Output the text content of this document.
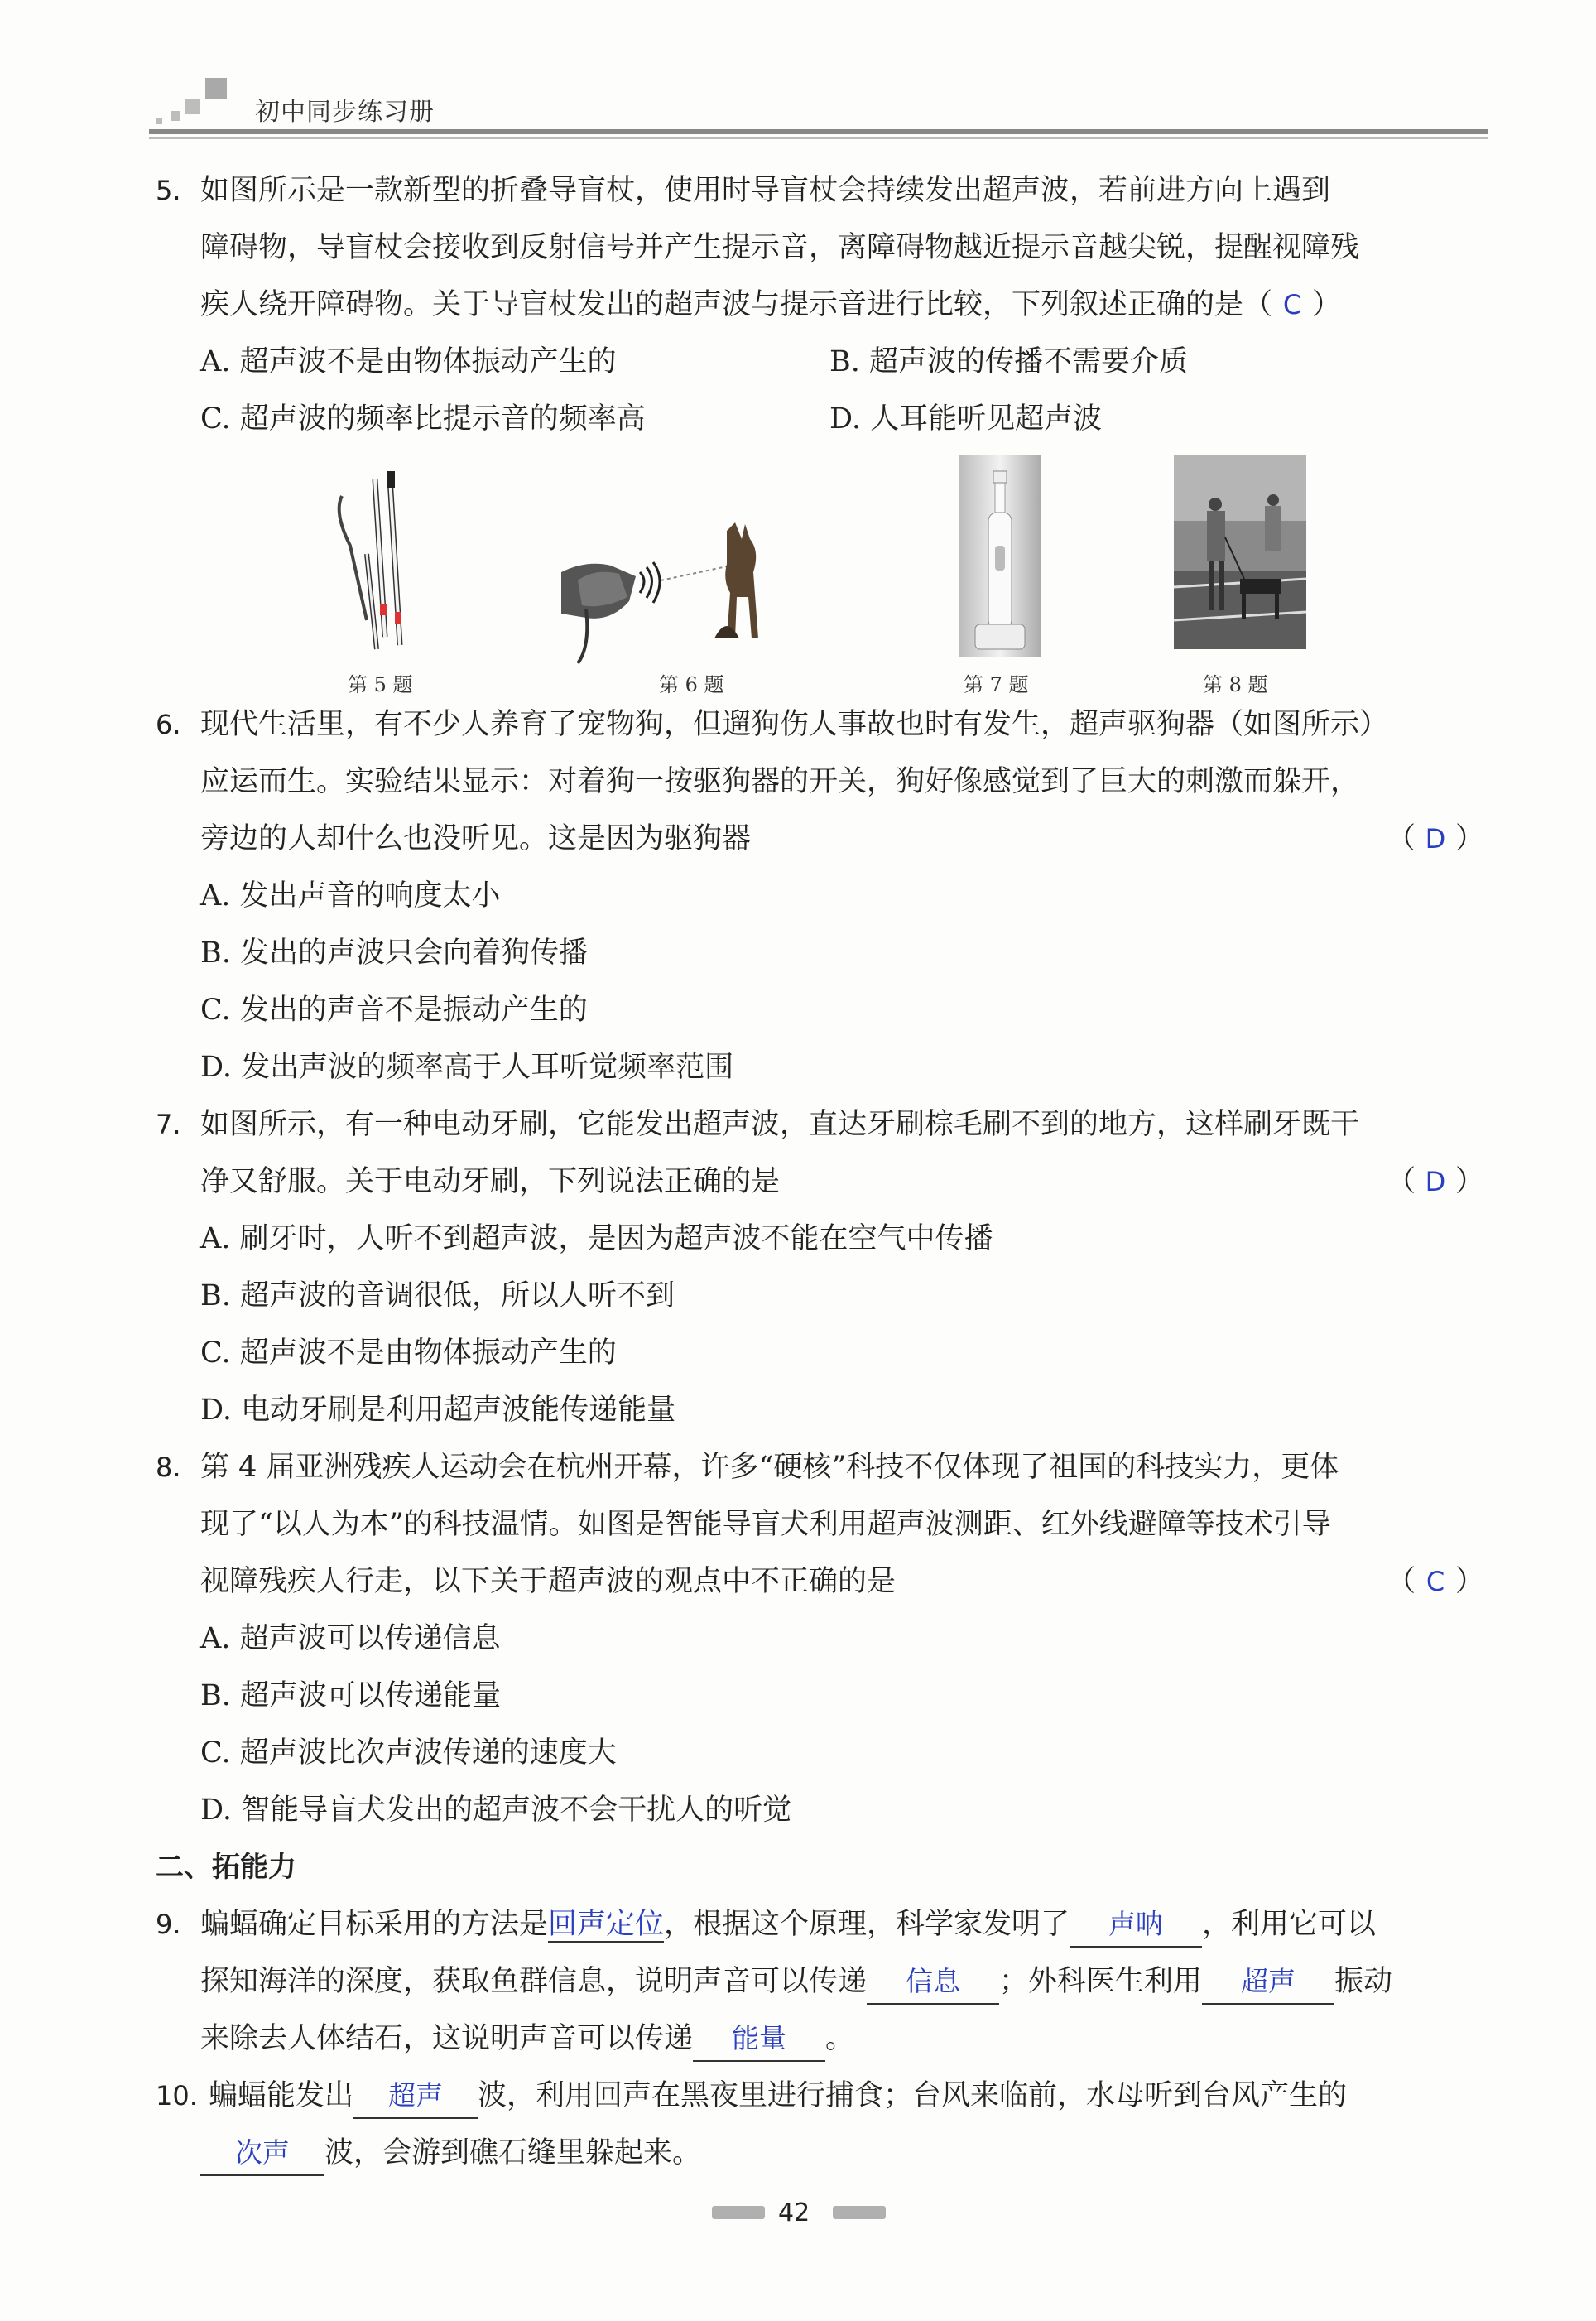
初中同步练习册
5. 如图所示是一款新型的折叠导盲杖，使用时导盲杖会持续发出超声波，若前进方向上遇到
障碍物，导盲杖会接收到反射信号并产生提示音，离障碍物越近提示音越尖锐，提醒视障残
疾人绕开障碍物。关于导盲杖发出的超声波与提示音进行比较，下列叙述正确的是（ C ）
A. 超声波不是由物体振动产生的	B. 超声波的传播不需要介质
C. 超声波的频率比提示音的频率高	D. 人耳能听见超声波
第 5 题	第 6 题	第 7 题	第 8 题
6. 现代生活里，有不少人养育了宠物狗，但遛狗伤人事故也时有发生，超声驱狗器（如图所示）
应运而生。实验结果显示：对着狗一按驱狗器的开关，狗好像感觉到了巨大的刺激而躲开，
旁边的人却什么也没听见。这是因为驱狗器	（ D ）
A. 发出声音的响度太小
B. 发出的声波只会向着狗传播
C. 发出的声音不是振动产生的
D. 发出声波的频率高于人耳听觉频率范围
7. 如图所示，有一种电动牙刷，它能发出超声波，直达牙刷棕毛刷不到的地方，这样刷牙既干
净又舒服。关于电动牙刷，下列说法正确的是	（ D ）
A. 刷牙时，人听不到超声波，是因为超声波不能在空气中传播
B. 超声波的音调很低，所以人听不到
C. 超声波不是由物体振动产生的
D. 电动牙刷是利用超声波能传递能量
8. 第 4 届亚洲残疾人运动会在杭州开幕，许多“硬核”科技不仅体现了祖国的科技实力，更体
现了“以人为本”的科技温情。如图是智能导盲犬利用超声波测距、红外线避障等技术引导
视障残疾人行走，以下关于超声波的观点中不正确的是	（ C ）
A. 超声波可以传递信息
B. 超声波可以传递能量
C. 超声波比次声波传递的速度大
D. 智能导盲犬发出的超声波不会干扰人的听觉
二、拓能力
9. 蝙蝠确定目标采用的方法是回声定位，根据这个原理，科学家发明了 声呐 ，利用它可以
探知海洋的深度，获取鱼群信息，说明声音可以传递 信息 ；外科医生利用 超声 振动
来除去人体结石，这说明声音可以传递 能量 。
10. 蝙蝠能发出 超声 波，利用回声在黑夜里进行捕食；台风来临前，水母听到台风产生的
次声 波，会游到礁石缝里躲起来。
42
